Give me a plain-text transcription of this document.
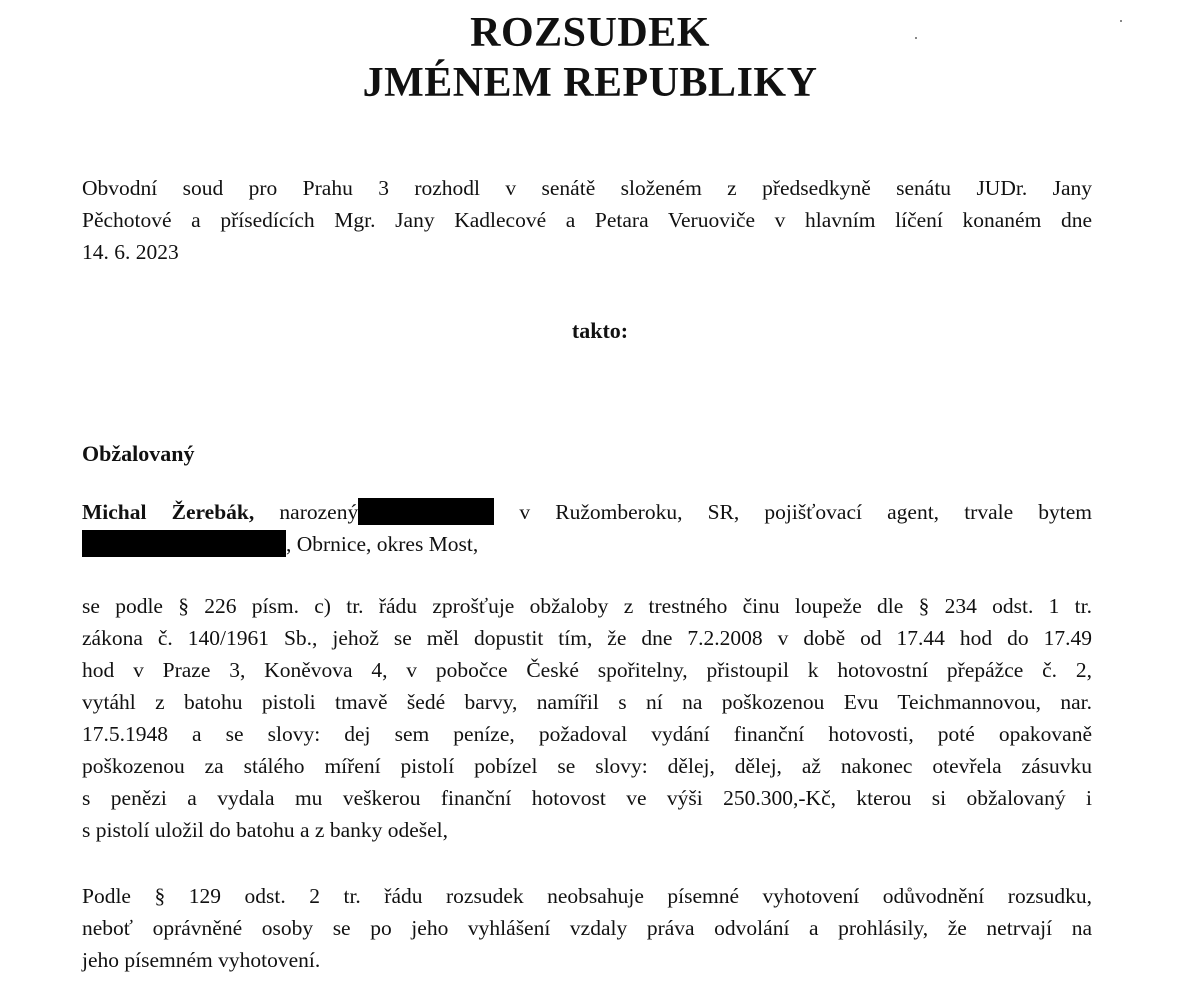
ROZSUDEK
JMÉNEM REPUBLIKY

Obvodní soud pro Prahu 3 rozhodl v senátě složeném z předsedkyně senátu JUDr. Jany
Pěchotové a přísedících Mgr. Jany Kadlecové a Petara Veruoviče v hlavním líčení konaném dne
14. 6. 2023

takto:
Obžalovaný

Michal Žerebák, narozený	v Ružomberoku, SR, pojišťovací agent, trvale bytem
, Obrnice, okres Most,

se podle § 226 písm. c) tr. řádu zprošťuje obžaloby z trestného činu loupeže dle § 234 odst. 1 tr.
zákona č. 140/1961 Sb., jehož se měl dopustit tím, že dne 7.2.2008 v době od 17.44 hod do 17.49
hod v Praze 3, Koněvova 4, v pobočce České spořitelny, přistoupil k hotovostní přepážce č. 2,
vytáhl z batohu pistoli tmavě šedé barvy, namířil s ní na poškozenou Evu Teichmannovou, nar.
17.5.1948 a se slovy: dej sem peníze, požadoval vydání finanční hotovosti, poté opakovaně
poškozenou za stálého míření pistolí pobízel se slovy: dělej, dělej, až nakonec otevřela zásuvku
s penězi a vydala mu veškerou finanční hotovost ve výši 250.300,-Kč, kterou si obžalovaný i
s pistolí uložil do batohu a z banky odešel,

Podle § 129 odst. 2 tr. řádu rozsudek neobsahuje písemné vyhotovení odůvodnění rozsudku,
neboť oprávněné osoby se po jeho vyhlášení vzdaly práva odvolání a prohlásily, že netrvají na
jeho písemném vyhotovení.
